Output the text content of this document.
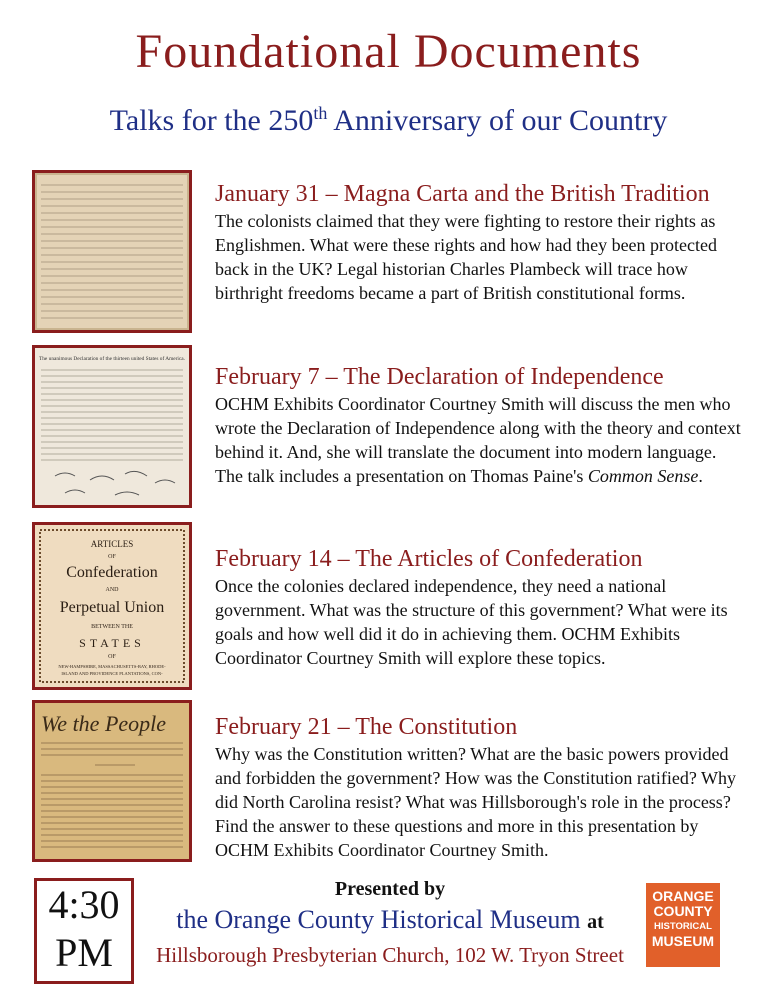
Foundational Documents
Talks for the 250th Anniversary of our Country
January 31 – Magna Carta and the British Tradition

The colonists claimed that they were fighting to restore their rights as Englishmen. What were these rights and how had they been protected back in the UK? Legal historian Charles Plambeck will trace how birthright freedoms became a part of British constitutional forms.

The unanimous Declaration of the thirteen united States of America.
February 7 – The Declaration of Independence

OCHM Exhibits Coordinator Courtney Smith will discuss the men who wrote the Declaration of Independence along with the theory and context behind it. And, she will translate the document into modern language. The talk includes a presentation on Thomas Paine's Common Sense.

ARTICLES
OF
Confederation
AND
Perpetual Union
BETWEEN THE
STATES
OF
NEW-HAMPSHIRE, MASSACHUSETTS-BAY, RHODE-
ISLAND AND PROVIDENCE PLANTATIONS, CON-
February 14 – The Articles of Confederation

Once the colonies declared independence, they need a national government. What was the structure of this government? What were its goals and how well did it do in achieving them. OCHM Exhibits Coordinator Courtney Smith will explore these topics.

We the People February 21 – The Constitution

Why was the Constitution written? What are the basic powers provided and forbidden the government? How was the Constitution ratified? Why did North Carolina resist? What was Hillsborough's role in the process? Find the answer to these questions and more in this presentation by OCHM Exhibits Coordinator Courtney Smith.

4:30
PM
Presented by
the Orange County Historical Museum at
Hillsborough Presbyterian Church, 102 W. Tryon Street
ORANGE
COUNTY
HISTORICAL
MUSEUM
